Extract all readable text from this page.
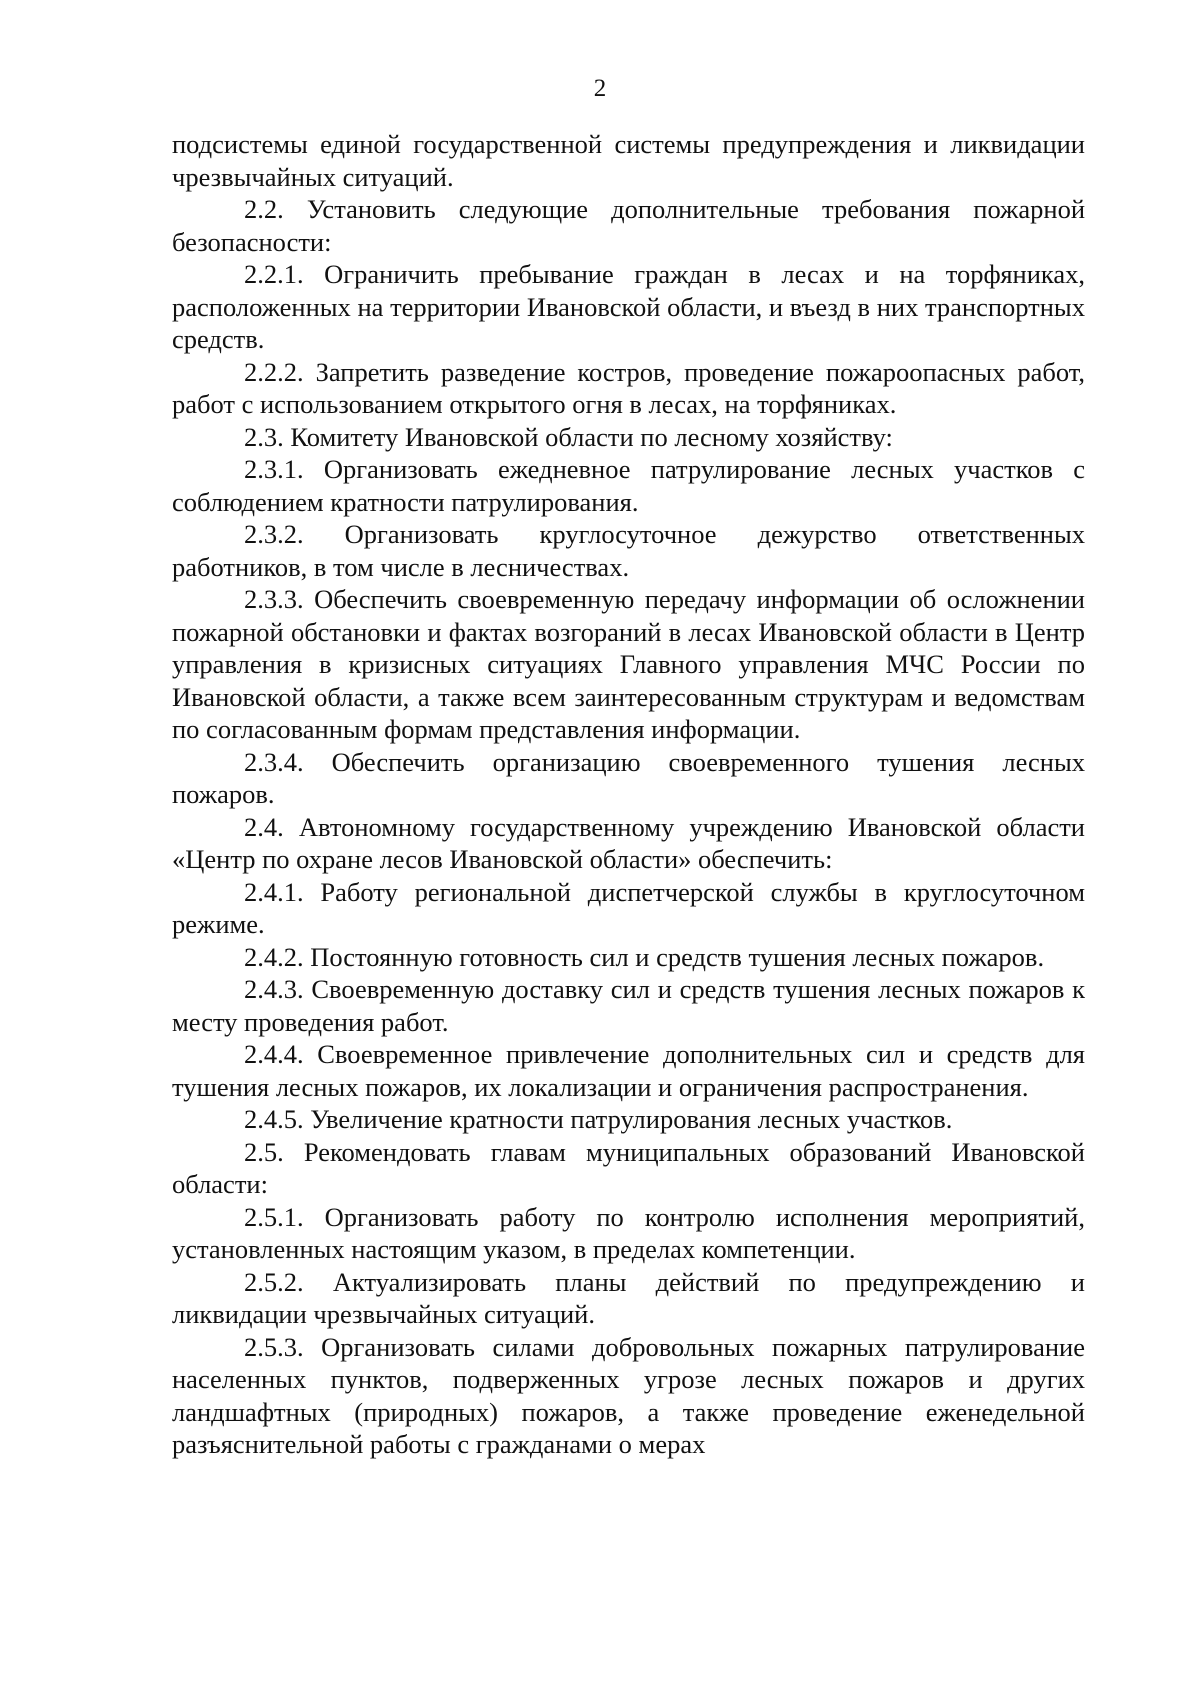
2

подсистемы единой государственной системы предупреждения и ликвидации чрезвычайных ситуаций.

2.2. Установить следующие дополнительные требования пожарной безопасности:

2.2.1. Ограничить пребывание граждан в лесах и на торфяниках, расположенных на территории Ивановской области, и въезд в них транспортных средств.

2.2.2. Запретить разведение костров, проведение пожароопасных работ, работ с использованием открытого огня в лесах, на торфяниках.

2.3. Комитету Ивановской области по лесному хозяйству:

2.3.1. Организовать ежедневное патрулирование лесных участков с соблюдением кратности патрулирования.

2.3.2. Организовать круглосуточное дежурство ответственных работников, в том числе в лесничествах.

2.3.3. Обеспечить своевременную передачу информации об осложнении пожарной обстановки и фактах возгораний в лесах Ивановской области в Центр управления в кризисных ситуациях Главного управления МЧС России по Ивановской области, а также всем заинтересованным структурам и ведомствам по согласованным формам представления информации.

2.3.4. Обеспечить организацию своевременного тушения лесных пожаров.

2.4. Автономному государственному учреждению Ивановской области «Центр по охране лесов Ивановской области» обеспечить:

2.4.1. Работу региональной диспетчерской службы в круглосуточном режиме.

2.4.2. Постоянную готовность сил и средств тушения лесных пожаров.

2.4.3. Своевременную доставку сил и средств тушения лесных пожаров к месту проведения работ.

2.4.4. Своевременное привлечение дополнительных сил и средств для тушения лесных пожаров, их локализации и ограничения распространения.

2.4.5. Увеличение кратности патрулирования лесных участков.

2.5. Рекомендовать главам муниципальных образований Ивановской области:

2.5.1. Организовать работу по контролю исполнения мероприятий, установленных настоящим указом, в пределах компетенции.

2.5.2. Актуализировать планы действий по предупреждению и ликвидации чрезвычайных ситуаций.

2.5.3. Организовать силами добровольных пожарных патрулирование населенных пунктов, подверженных угрозе лесных пожаров и других ландшафтных (природных) пожаров, а также проведение еженедельной разъяснительной работы с гражданами о мерах
